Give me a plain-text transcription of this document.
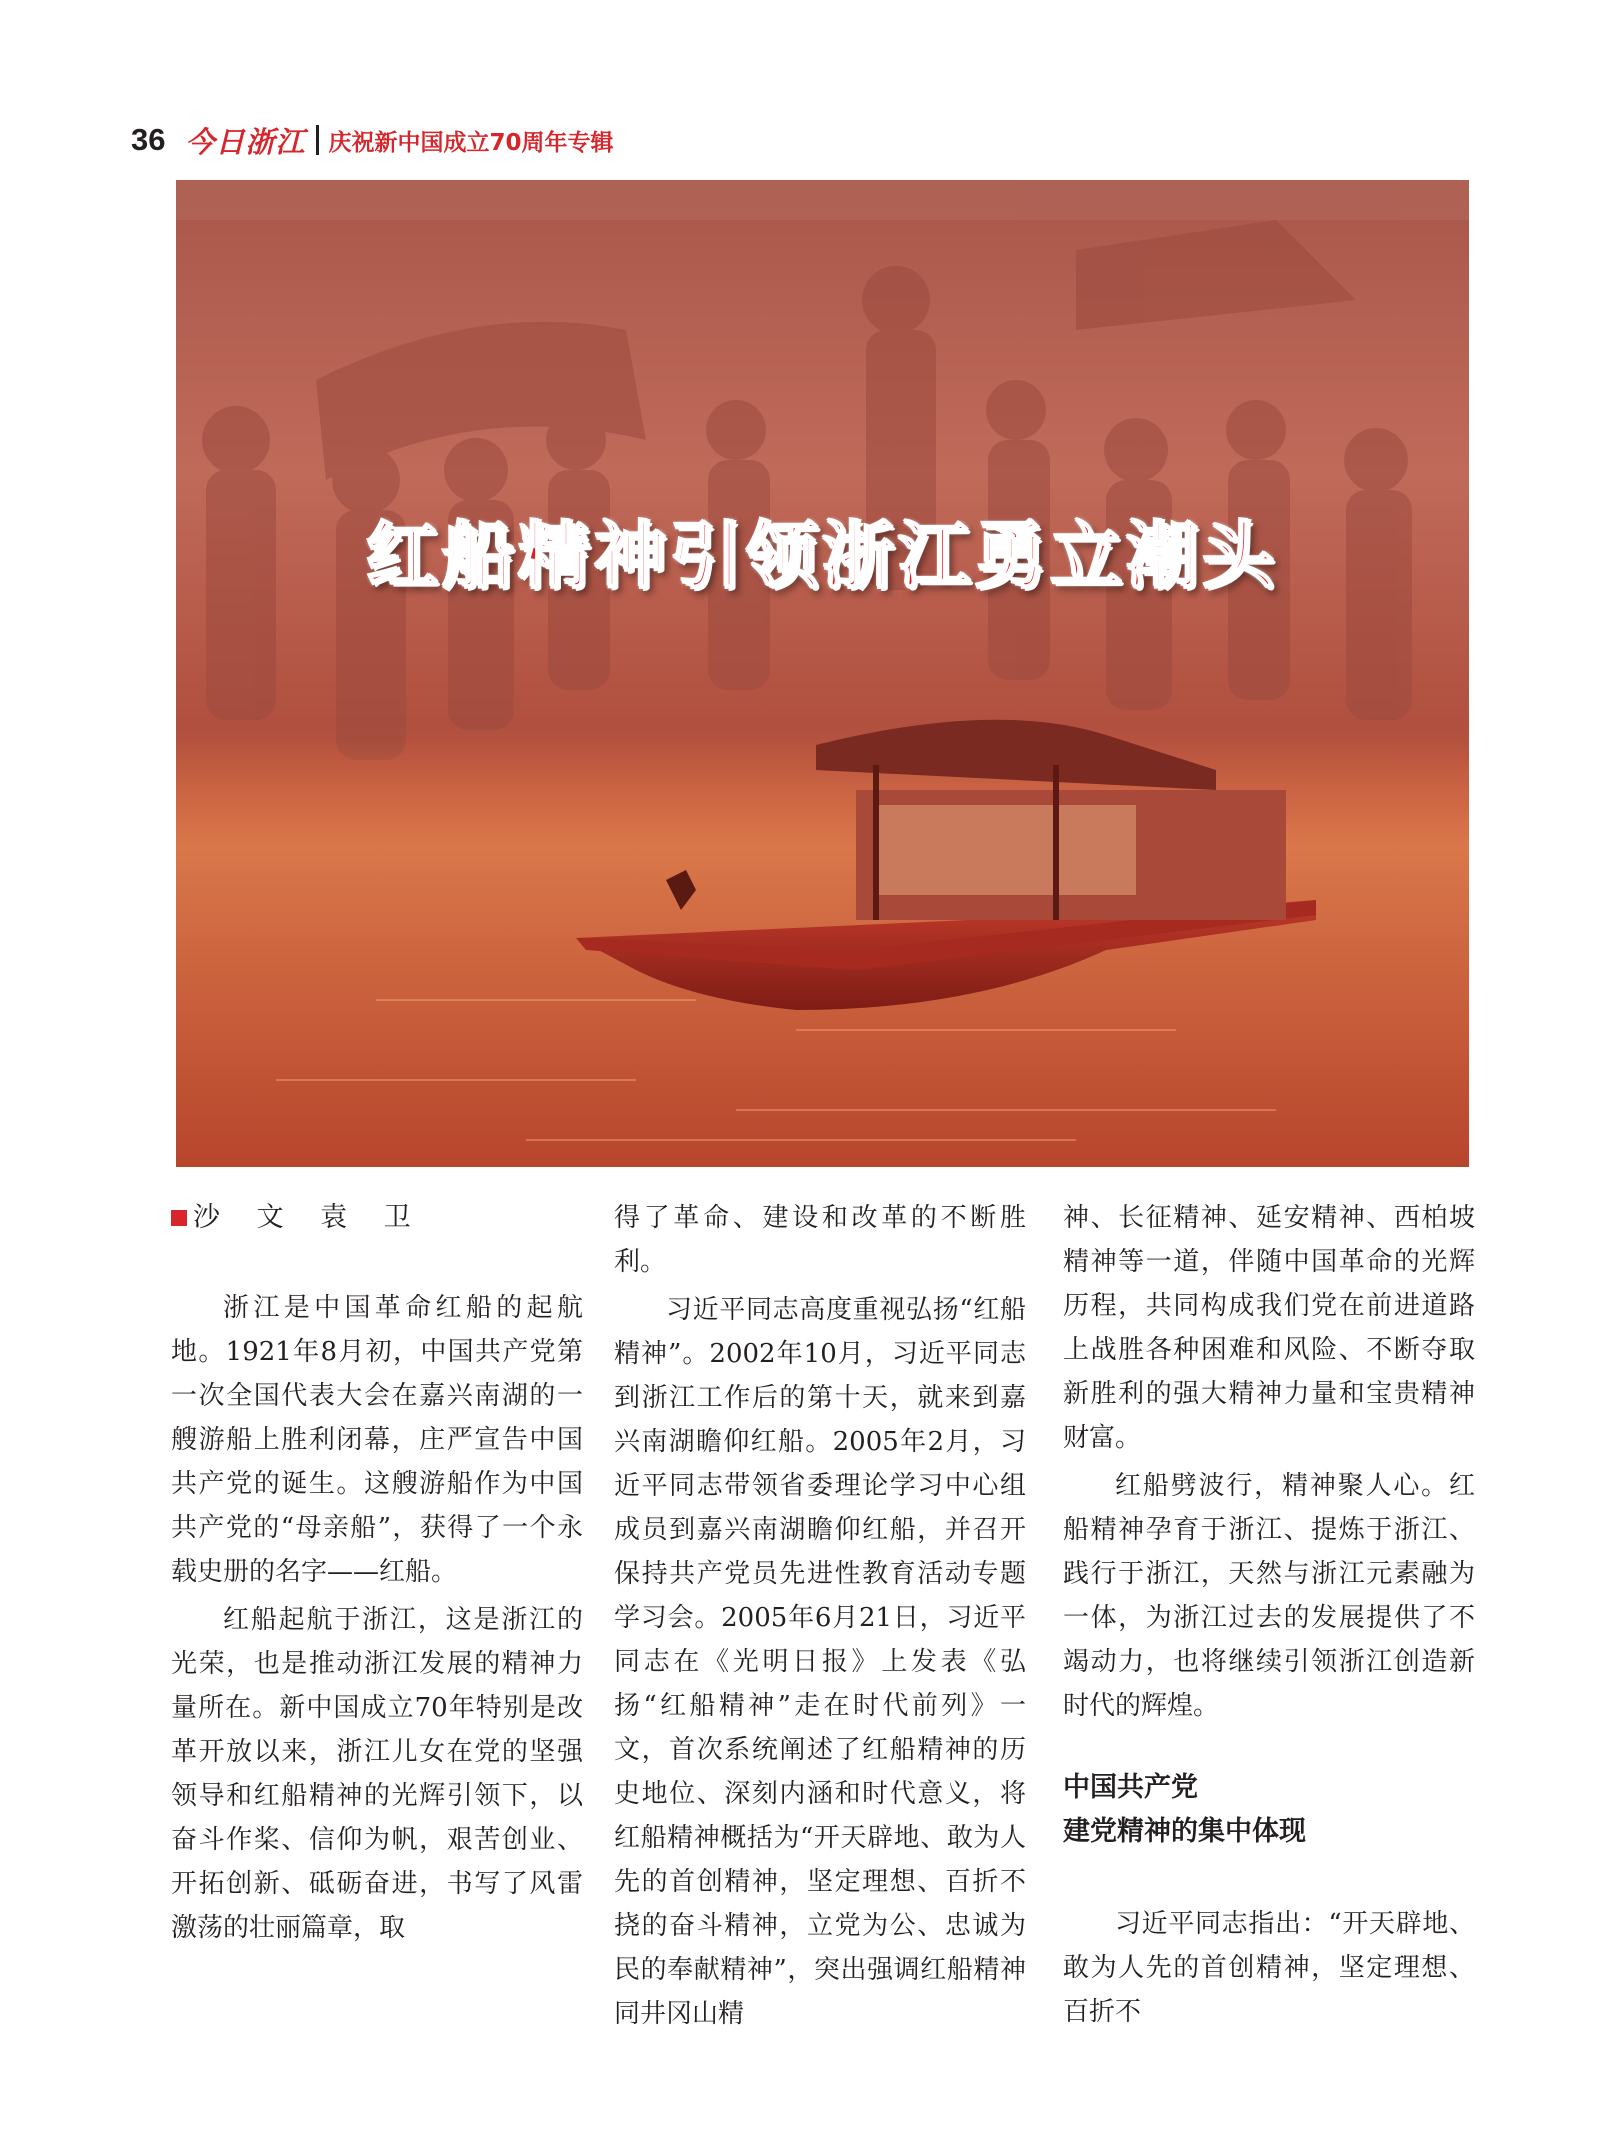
36 今日浙江 庆祝新中国成立70周年专辑
红船精神引领浙江勇立潮头
沙 文 袁 卫

浙江是中国革命红船的起航地。1921年8月初，中国共产党第一次全国代表大会在嘉兴南湖的一艘游船上胜利闭幕，庄严宣告中国共产党的诞生。这艘游船作为中国共产党的“母亲船”，获得了一个永载史册的名字——红船。

红船起航于浙江，这是浙江的光荣，也是推动浙江发展的精神力量所在。新中国成立70年特别是改革开放以来，浙江儿女在党的坚强领导和红船精神的光辉引领下，以奋斗作桨、信仰为帆，艰苦创业、开拓创新、砥砺奋进，书写了风雷激荡的壮丽篇章，取

得了革命、建设和改革的不断胜利。

习近平同志高度重视弘扬“红船精神”。2002年10月，习近平同志到浙江工作后的第十天，就来到嘉兴南湖瞻仰红船。2005年2月，习近平同志带领省委理论学习中心组成员到嘉兴南湖瞻仰红船，并召开保持共产党员先进性教育活动专题学习会。2005年6月21日，习近平同志在《光明日报》上发表《弘扬“红船精神”走在时代前列》一文，首次系统阐述了红船精神的历史地位、深刻内涵和时代意义，将红船精神概括为“开天辟地、敢为人先的首创精神，坚定理想、百折不挠的奋斗精神，立党为公、忠诚为民的奉献精神”，突出强调红船精神同井冈山精

神、长征精神、延安精神、西柏坡精神等一道，伴随中国革命的光辉历程，共同构成我们党在前进道路上战胜各种困难和风险、不断夺取新胜利的强大精神力量和宝贵精神财富。

红船劈波行，精神聚人心。红船精神孕育于浙江、提炼于浙江、践行于浙江，天然与浙江元素融为一体，为浙江过去的发展提供了不竭动力，也将继续引领浙江创造新时代的辉煌。

中国共产党
建党精神的集中体现

习近平同志指出：“开天辟地、敢为人先的首创精神，坚定理想、百折不
